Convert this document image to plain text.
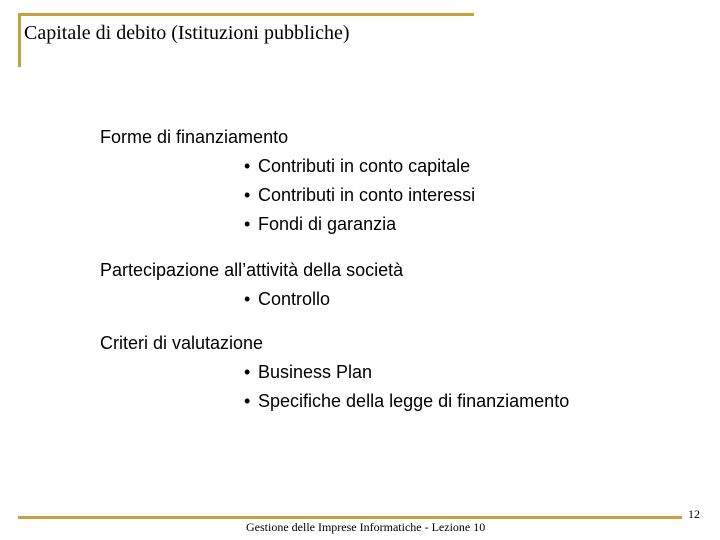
Capitale di debito (Istituzioni pubbliche)
Forme di finanziamento
• Contributi in conto capitale
• Contributi in conto interessi
• Fondi di garanzia
Partecipazione all’attività della società
• Controllo
Criteri di valutazione
• Business Plan
• Specifiche della legge di finanziamento
Gestione delle Imprese Informatiche - Lezione 10
12
